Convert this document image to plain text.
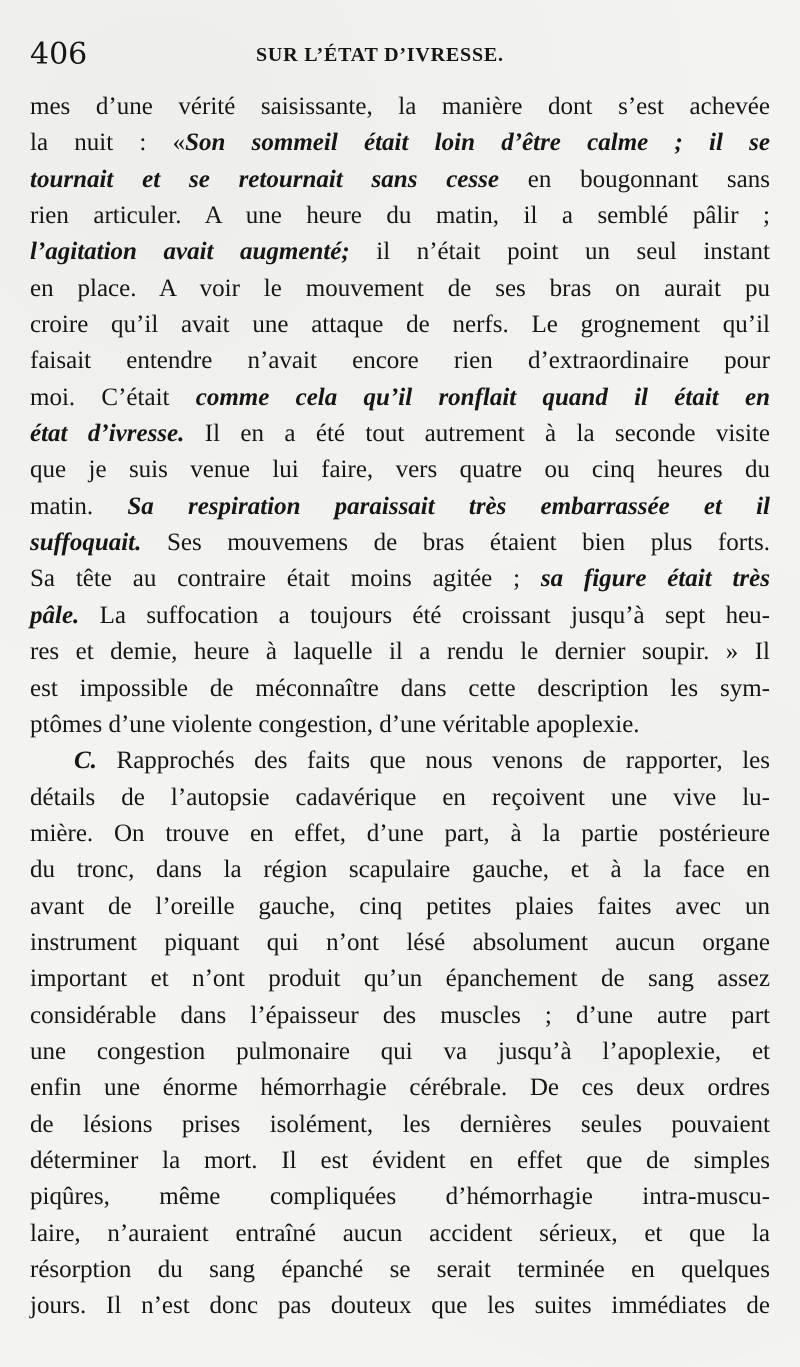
406	SUR L’ÉTAT D’IVRESSE.
mes d’une vérité saisissante, la manière dont s’est achevée
la nuit : «Son sommeil était loin d’être calme ; il se
tournait et se retournait sans cesse en bougonnant sans
rien articuler. A une heure du matin, il a semblé pâlir ;
l’agitation avait augmenté; il n’était point un seul instant
en place. A voir le mouvement de ses bras on aurait pu
croire qu’il avait une attaque de nerfs. Le grognement qu’il
faisait entendre n’avait encore rien d’extraordinaire pour
moi. C’était comme cela qu’il ronflait quand il était en
état d’ivresse. Il en a été tout autrement à la seconde visite
que je suis venue lui faire, vers quatre ou cinq heures du
matin. Sa respiration paraissait très embarrassée et il
suffoquait. Ses mouvemens de bras étaient bien plus forts.
Sa tête au contraire était moins agitée ; sa figure était très
pâle. La suffocation a toujours été croissant jusqu’à sept heu-
res et demie, heure à laquelle il a rendu le dernier soupir. » Il
est impossible de méconnaître dans cette description les sym-
ptômes d’une violente congestion, d’une véritable apoplexie.
C. Rapprochés des faits que nous venons de rapporter, les
détails de l’autopsie cadavérique en reçoivent une vive lu-
mière. On trouve en effet, d’une part, à la partie postérieure
du tronc, dans la région scapulaire gauche, et à la face en
avant de l’oreille gauche, cinq petites plaies faites avec un
instrument piquant qui n’ont lésé absolument aucun organe
important et n’ont produit qu’un épanchement de sang assez
considérable dans l’épaisseur des muscles ; d’une autre part
une congestion pulmonaire qui va jusqu’à l’apoplexie, et
enfin une énorme hémorrhagie cérébrale. De ces deux ordres
de lésions prises isolément, les dernières seules pouvaient
déterminer la mort. Il est évident en effet que de simples
piqûres, même compliquées d’hémorrhagie intra-muscu-
laire, n’auraient entraîné aucun accident sérieux, et que la
résorption du sang épanché se serait terminée en quelques
jours. Il n’est donc pas douteux que les suites immédiates de
